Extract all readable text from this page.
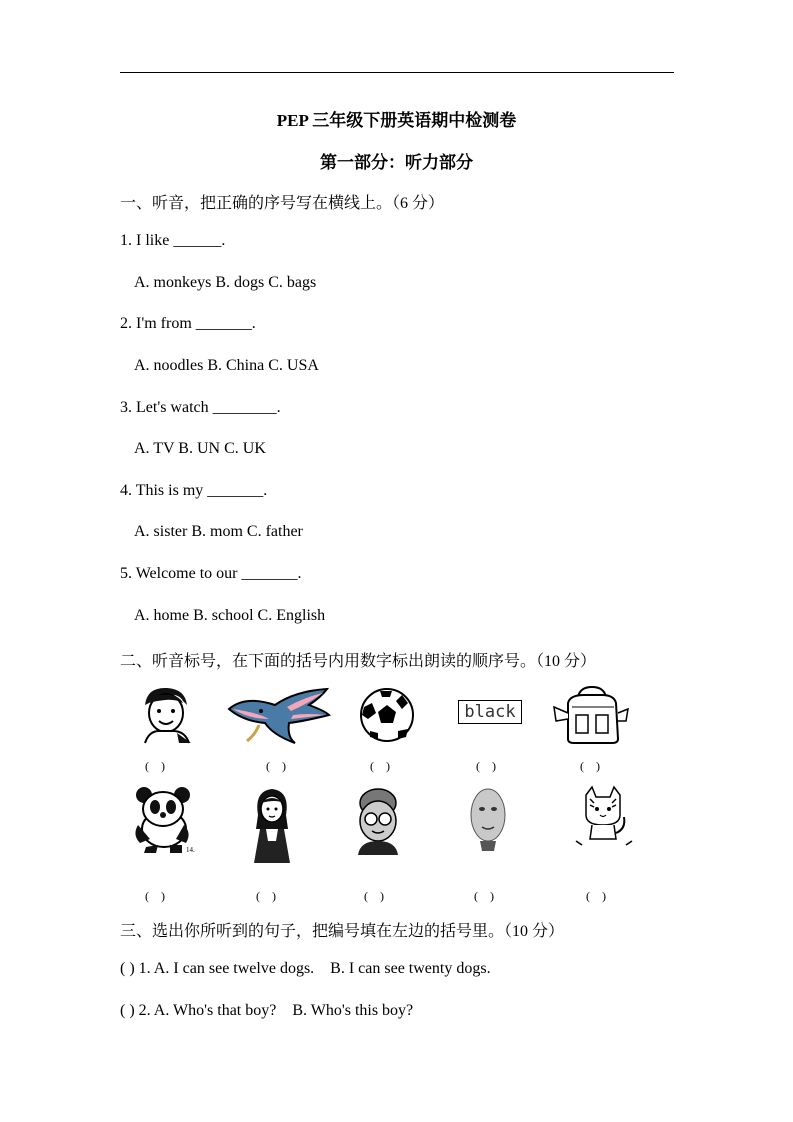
PEP 三年级下册英语期中检测卷
第一部分：听力部分
一、听音，把正确的序号写在横线上。（6 分）
1. I like ______.
A. monkeys B. dogs C. bags
2. I'm from _______.
A. noodles B. China C. USA
3. Let's watch ________.
A. TV B. UN C. UK
4. This is my _______.
A. sister B. mom C. father
5. Welcome to our _______.
A. home B. school C. English
二、听音标号，在下面的括号内用数字标出朗读的顺序号。（10 分）
black
(    )	(    )	(    )	(    )	(    )
14.
(    )	(    )	(    )	(    )	(    )
三、选出你所听到的句子，把编号填在左边的括号里。（10 分）
( ) 1. A. I can see twelve dogs.    B. I can see twenty dogs.
( ) 2. A. Who's that boy?    B. Who's this boy?
